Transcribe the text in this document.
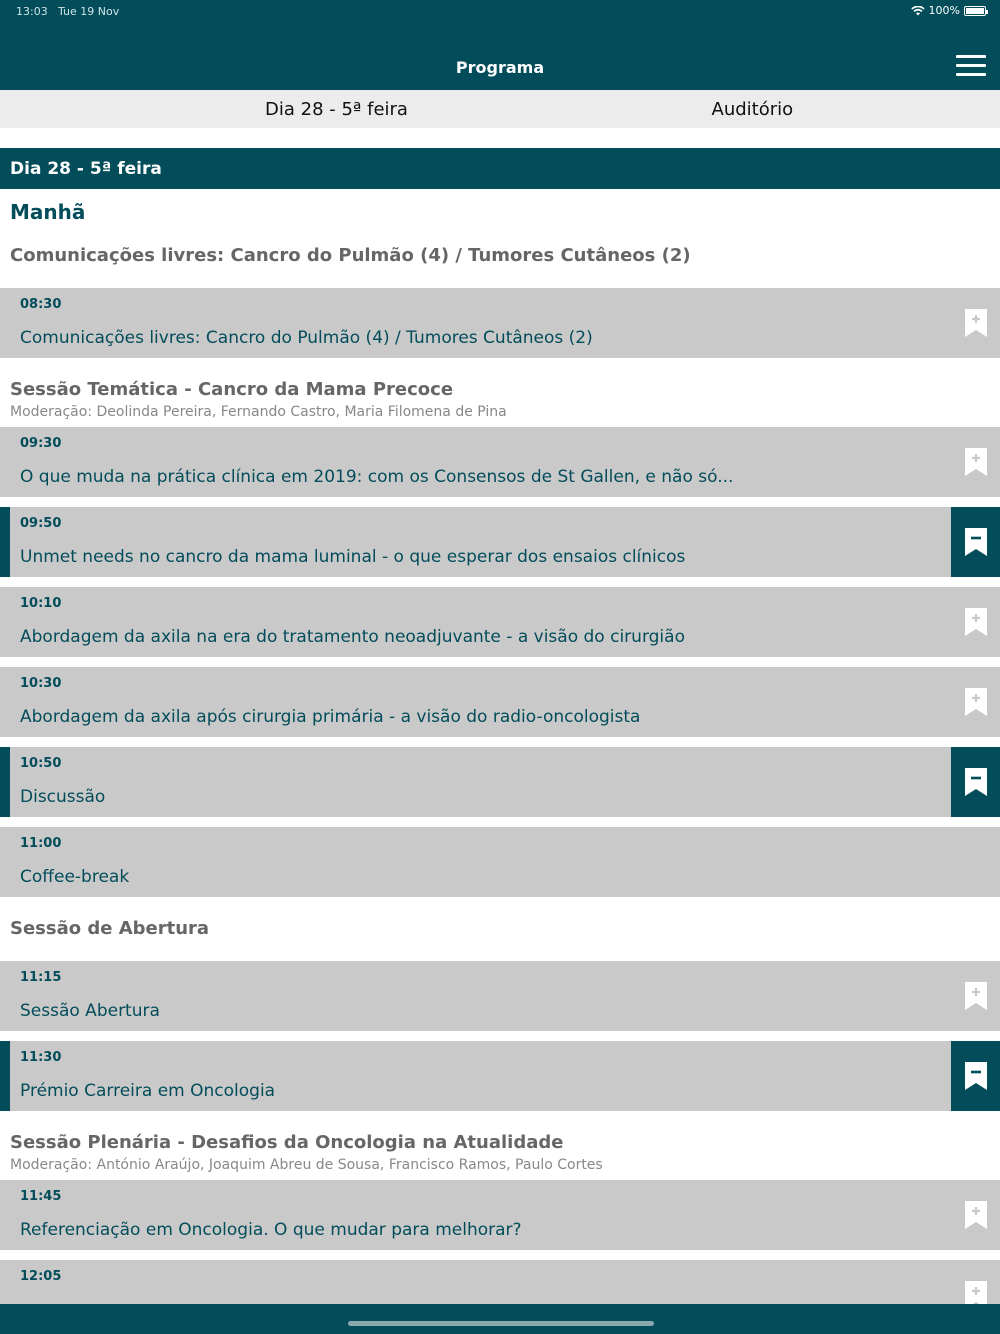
13:03 Tue 19 Nov	100%
Programa
Dia 28 - 5ª feira	Auditório
Dia 28 - 5ª feira
Manhã
Comunicações livres: Cancro do Pulmão (4) / Tumores Cutâneos (2)
08:30
Comunicações livres: Cancro do Pulmão (4) / Tumores Cutâneos (2)
Sessão Temática - Cancro da Mama Precoce
Moderação: Deolinda Pereira, Fernando Castro, Maria Filomena de Pina
09:30
O que muda na prática clínica em 2019: com os Consensos de St Gallen, e não só...
09:50
Unmet needs no cancro da mama luminal - o que esperar dos ensaios clínicos
10:10
Abordagem da axila na era do tratamento neoadjuvante - a visão do cirurgião
10:30
Abordagem da axila após cirurgia primária - a visão do radio-oncologista
10:50
Discussão
11:00
Coffee-break
Sessão de Abertura
11:15
Sessão Abertura
11:30
Prémio Carreira em Oncologia
Sessão Plenária - Desafios da Oncologia na Atualidade
Moderação: António Araújo, Joaquim Abreu de Sousa, Francisco Ramos, Paulo Cortes
11:45
Referenciação em Oncologia. O que mudar para melhorar?
12:05
